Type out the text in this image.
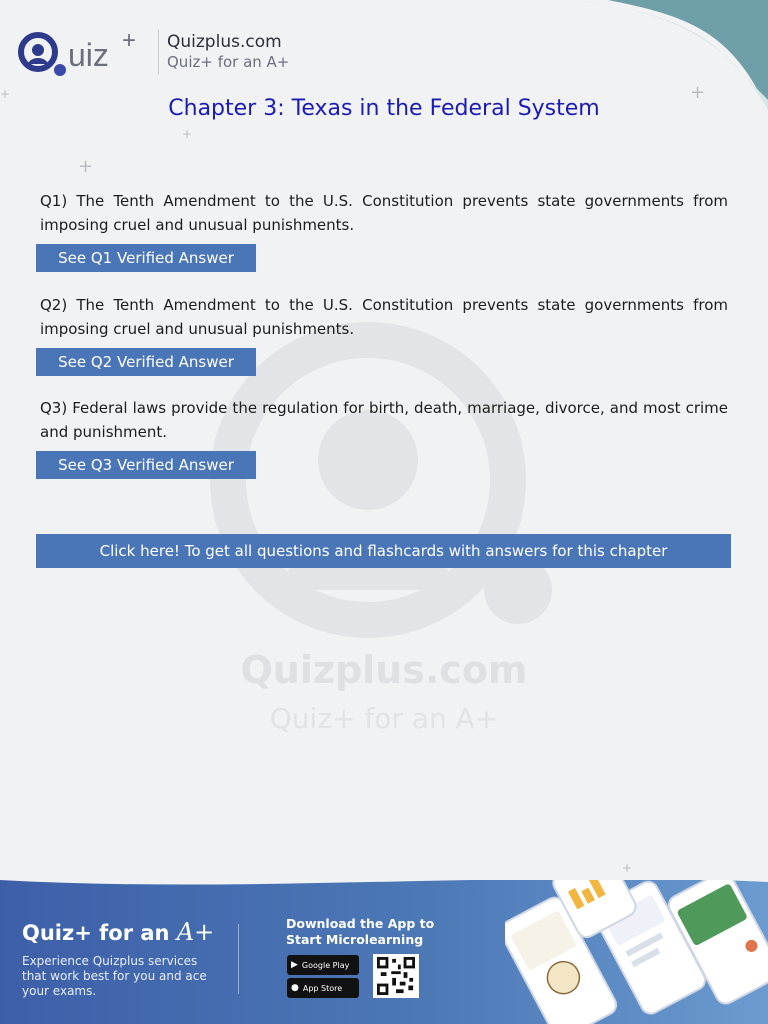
+
+
+
+
+
uiz + Quizplus.com
Quiz+ for an A+
Chapter 3: Texas in the Federal System
Quizplus.com
Quiz+ for an A+

Q1) The Tenth Amendment to the U.S. Constitution prevents state governments from imposing cruel and unusual punishments.

See Q1 Verified Answer

Q2) The Tenth Amendment to the U.S. Constitution prevents state governments from imposing cruel and unusual punishments.

See Q2 Verified Answer

Q3) Federal laws provide the regulation for birth, death, marriage, divorce, and most crime and punishment.

See Q3 Verified Answer
Click here! To get all questions and flashcards with answers for this chapter
Quiz+ for an A+

Experience Quizplus services that work best for you and ace your exams.

Download the App to Start Microlearning

▶ Google Play
● App Store
